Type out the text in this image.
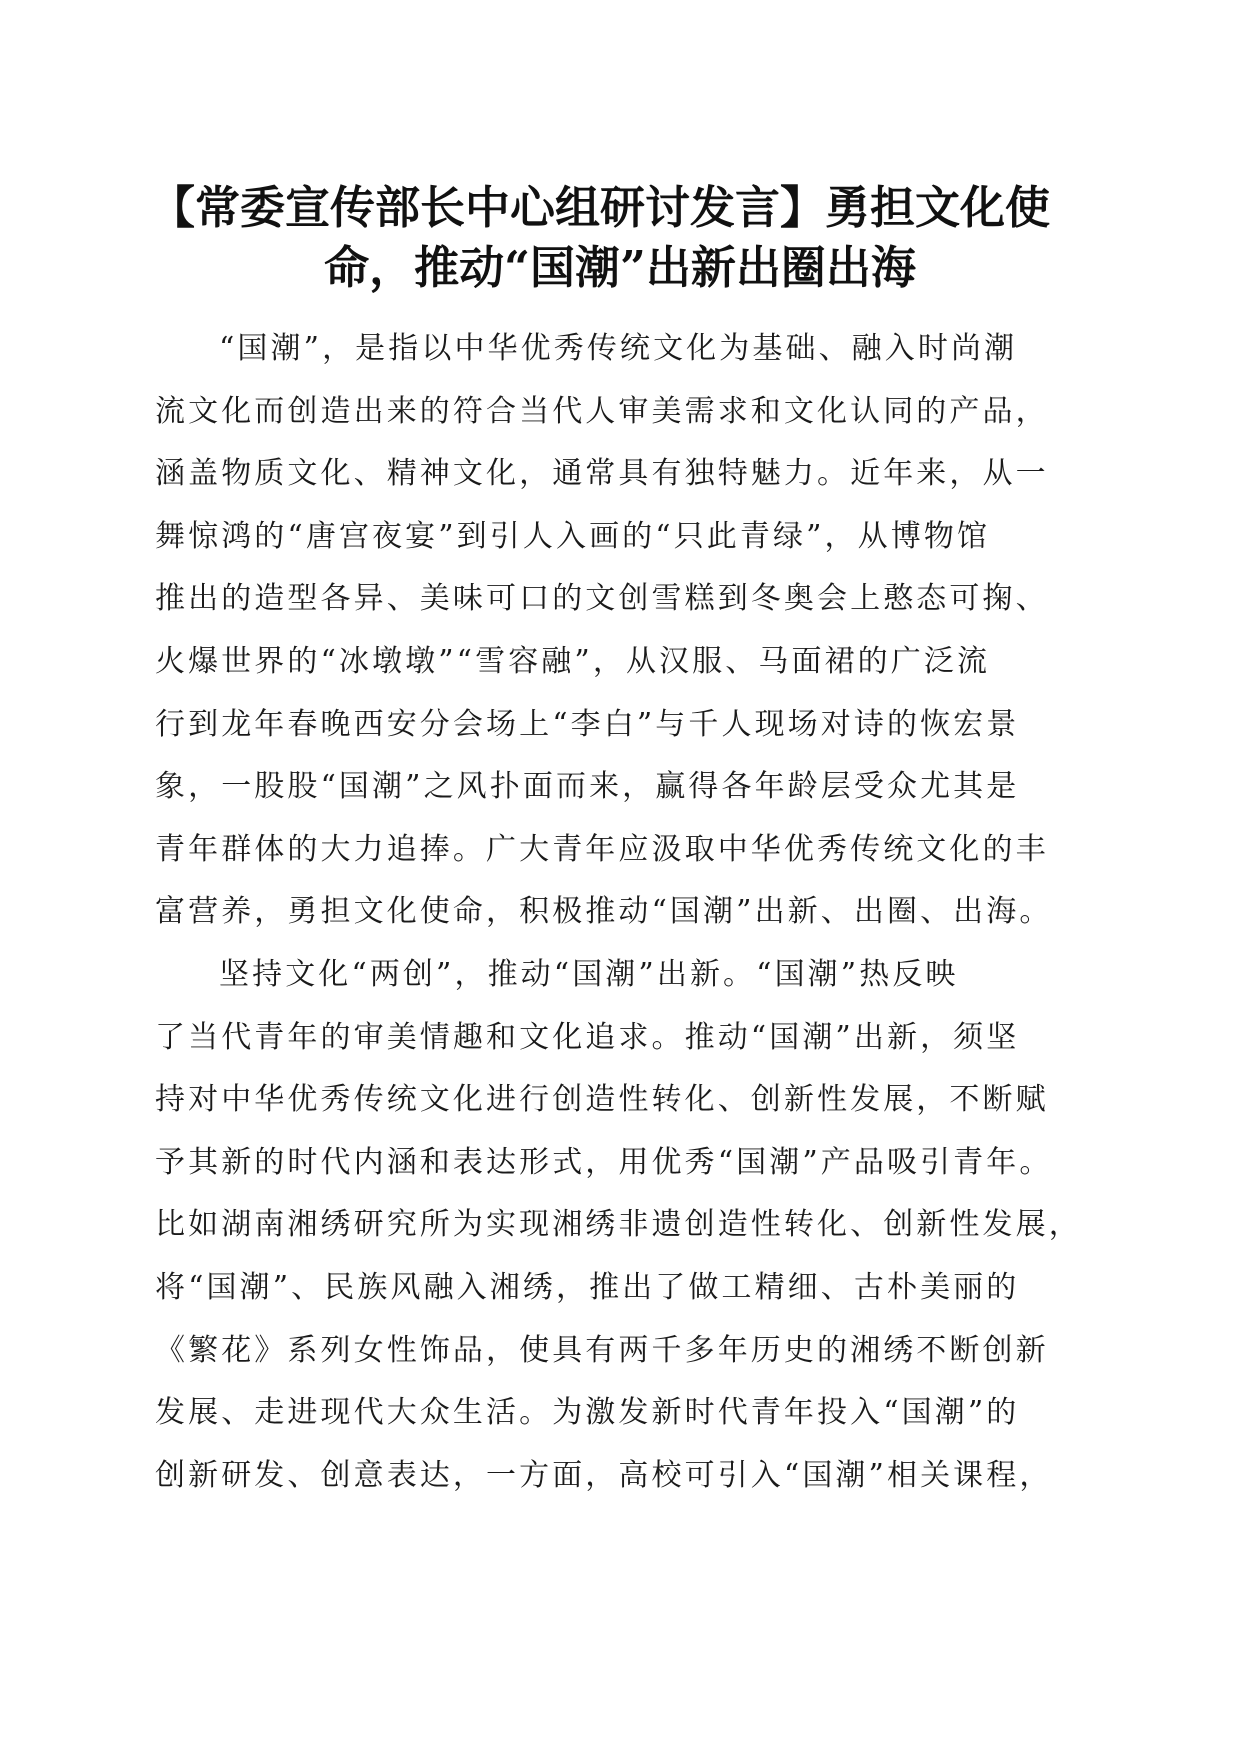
【常委宣传部长中心组研讨发言】勇担文化使
命，推动“国潮”出新出圈出海
“国潮”，是指以中华优秀传统文化为基础、融入时尚潮
流文化而创造出来的符合当代人审美需求和文化认同的产品，
涵盖物质文化、精神文化，通常具有独特魅力。近年来，从一
舞惊鸿的“唐宫夜宴”到引人入画的“只此青绿”，从博物馆
推出的造型各异、美味可口的文创雪糕到冬奥会上憨态可掬、
火爆世界的“冰墩墩”“雪容融”，从汉服、马面裙的广泛流
行到龙年春晚西安分会场上“李白”与千人现场对诗的恢宏景
象，一股股“国潮”之风扑面而来，赢得各年龄层受众尤其是
青年群体的大力追捧。广大青年应汲取中华优秀传统文化的丰
富营养，勇担文化使命，积极推动“国潮”出新、出圈、出海。
坚持文化“两创”，推动“国潮”出新。“国潮”热反映
了当代青年的审美情趣和文化追求。推动“国潮”出新，须坚
持对中华优秀传统文化进行创造性转化、创新性发展，不断赋
予其新的时代内涵和表达形式，用优秀“国潮”产品吸引青年。
比如湖南湘绣研究所为实现湘绣非遗创造性转化、创新性发展，
将“国潮”、民族风融入湘绣，推出了做工精细、古朴美丽的
《繁花》系列女性饰品，使具有两千多年历史的湘绣不断创新
发展、走进现代大众生活。为激发新时代青年投入“国潮”的
创新研发、创意表达，一方面，高校可引入“国潮”相关课程，
